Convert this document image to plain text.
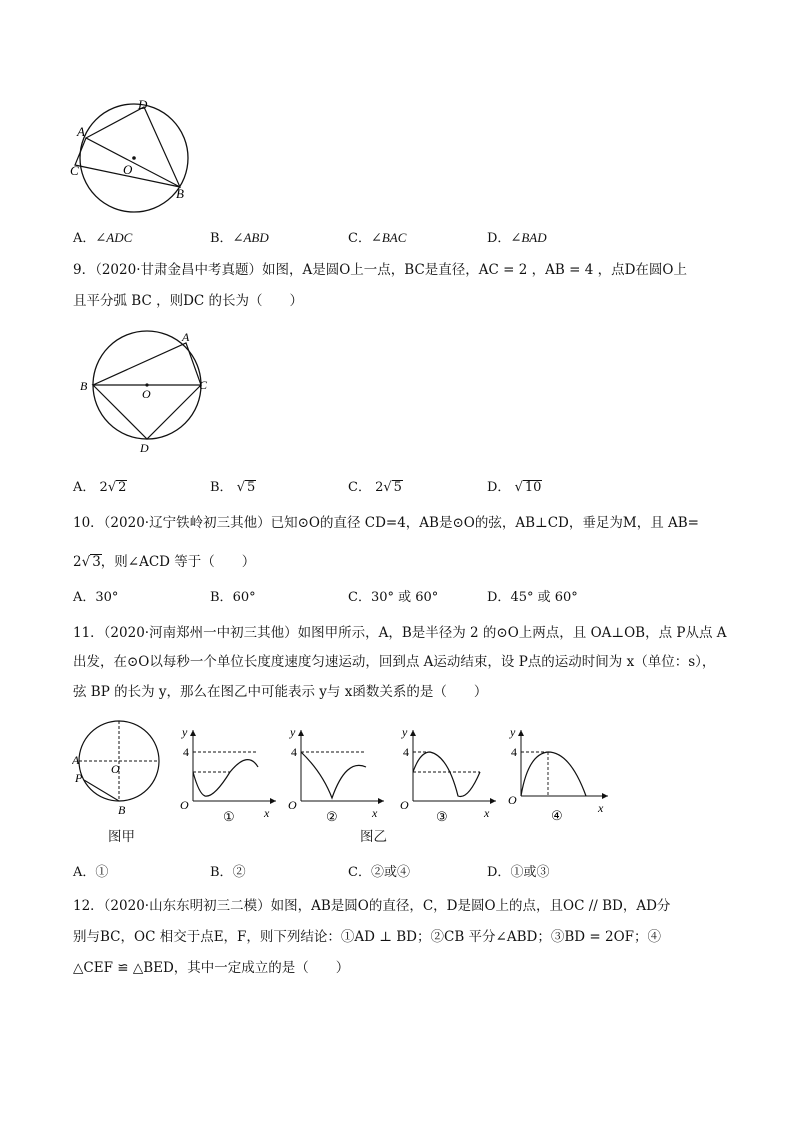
D
A
C	O
B
A．∠ADC	B．∠ABD	C．∠BAC	D．∠BAD
9．（2020·甘肃金昌中考真题）如图，A是圆O上一点，BC是直径，AC = 2 ，AB = 4 ，点D在圆O上
且平分弧 BC ，则DC 的长为（　　）
A
B	C
O
D
A． 2√ 2	B． √ 5	C． 2√ 5	D． √ 10
10．（2020·辽宁铁岭初三其他）已知⊙O的直径 CD=4，AB是⊙O的弦，AB⊥CD，垂足为M，且 AB=
2√ 3，则∠ACD 等于（　　）
A．30°	B．60°	C．30° 或 60°	D．45° 或 60°
11．（2020·河南郑州一中初三其他）如图甲所示，A，B是半径为 2 的⊙O上两点，且 OA⊥OB，点 P从点 A
出发，在⊙O以每秒一个单位长度度速度匀速运动，回到点 A运动结束，设 P点的运动时间为 x（单位：s），
弦 BP 的长为 y，那么在图乙中可能表示 y与 x函数关系的是（　　）
A
O
P
B
y
4
O
x
①
y
4
O
x
②
y
4
O
x
③
y
4
O
x
④
图甲	图乙
A．①	B．②	C．②或④	D．①或③
12．（2020·山东东明初三二模）如图，AB是圆O的直径，C，D是圆O上的点，且OC // BD，AD分
别与BC，OC 相交于点E，F，则下列结论：①AD ⊥ BD；②CB 平分∠ABD；③BD = 2OF；④
△CEF ≌ △BED，其中一定成立的是（　　）
